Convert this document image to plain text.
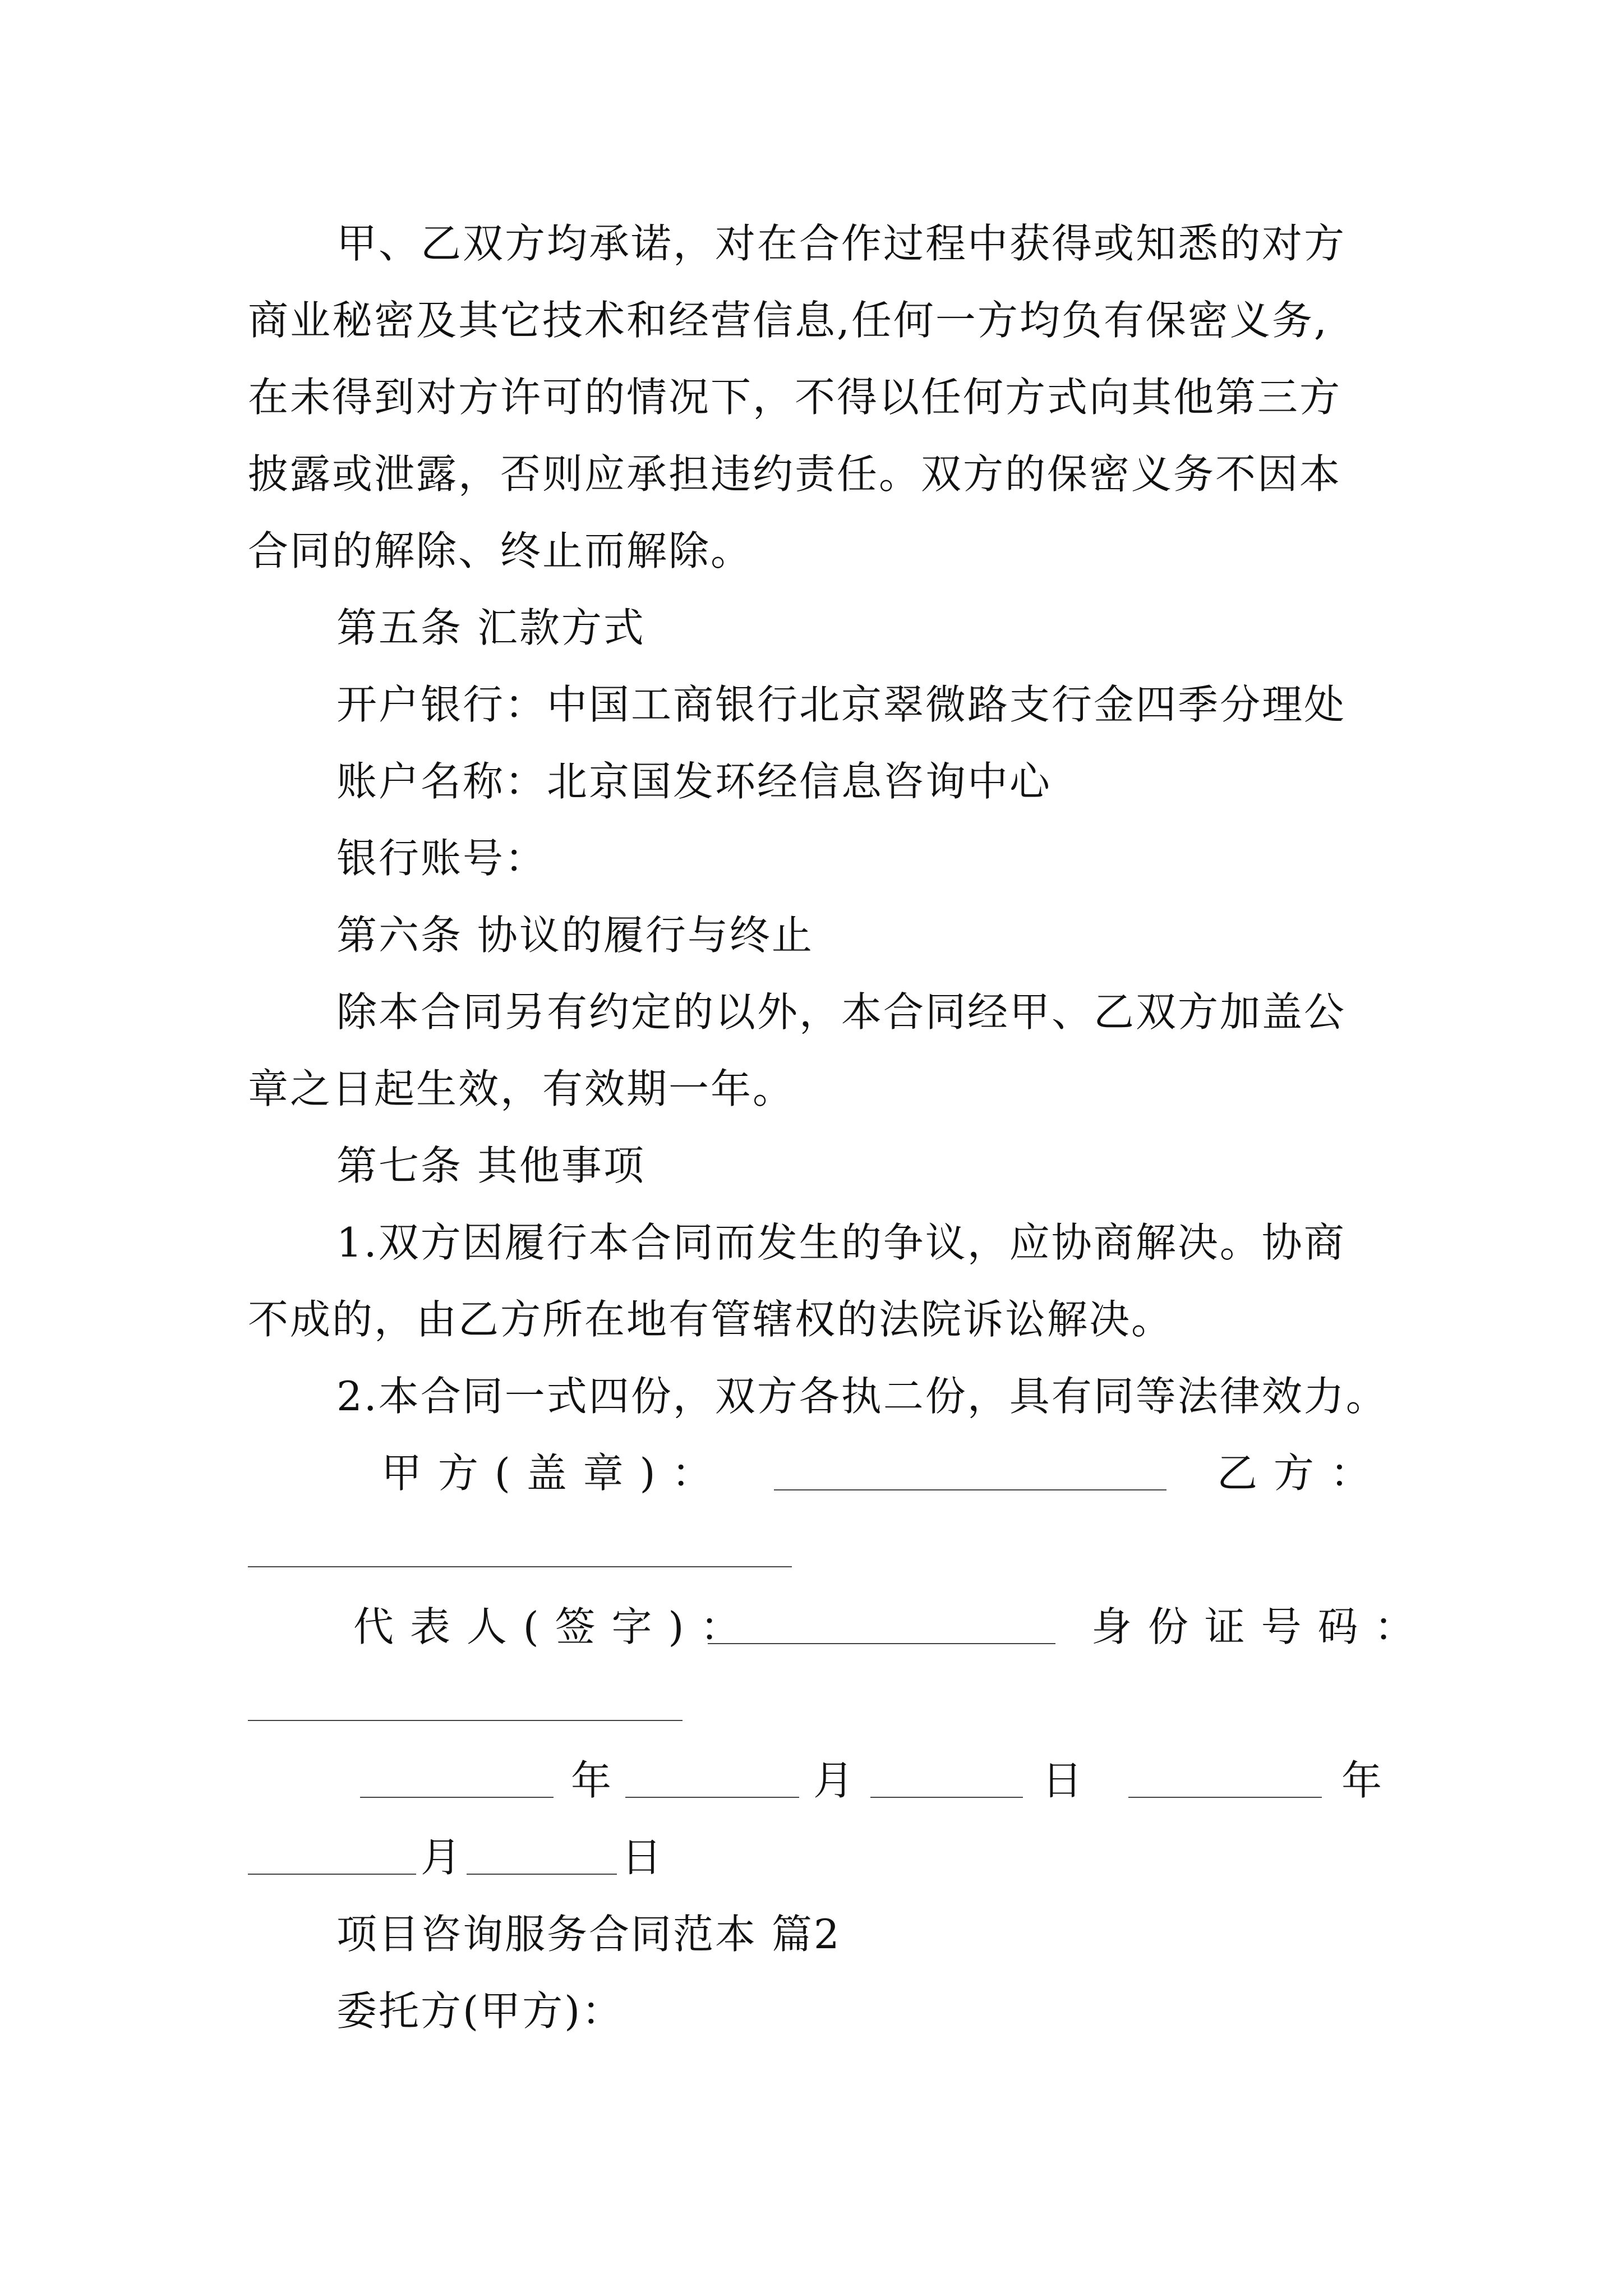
甲、乙双方均承诺，对在合作过程中获得或知悉的对方
商业秘密及其它技术和经营信息,任何一方均负有保密义务,
在未得到对方许可的情况下，不得以任何方式向其他第三方
披露或泄露，否则应承担违约责任。双方的保密义务不因本
合同的解除、终止而解除。
第五条 汇款方式
开户银行：中国工商银行北京翠微路支行金四季分理处
账户名称：北京国发环经信息咨询中心
银行账号：
第六条 协议的履行与终止
除本合同另有约定的以外，本合同经甲、乙双方加盖公
章之日起生效，有效期一年。
第七条 其他事项
1.双方因履行本合同而发生的争议，应协商解决。协商
不成的，由乙方所在地有管辖权的法院诉讼解决。
2.本合同一式四份，双方各执二份，具有同等法律效力。
甲 方 ( 盖 章 ) ：	乙 方 ：
代 表 人 ( 签 字 ) ：	身 份 证 号 码 ：
年	月	日	年
月	日
项目咨询服务合同范本 篇2
委托方(甲方)：
